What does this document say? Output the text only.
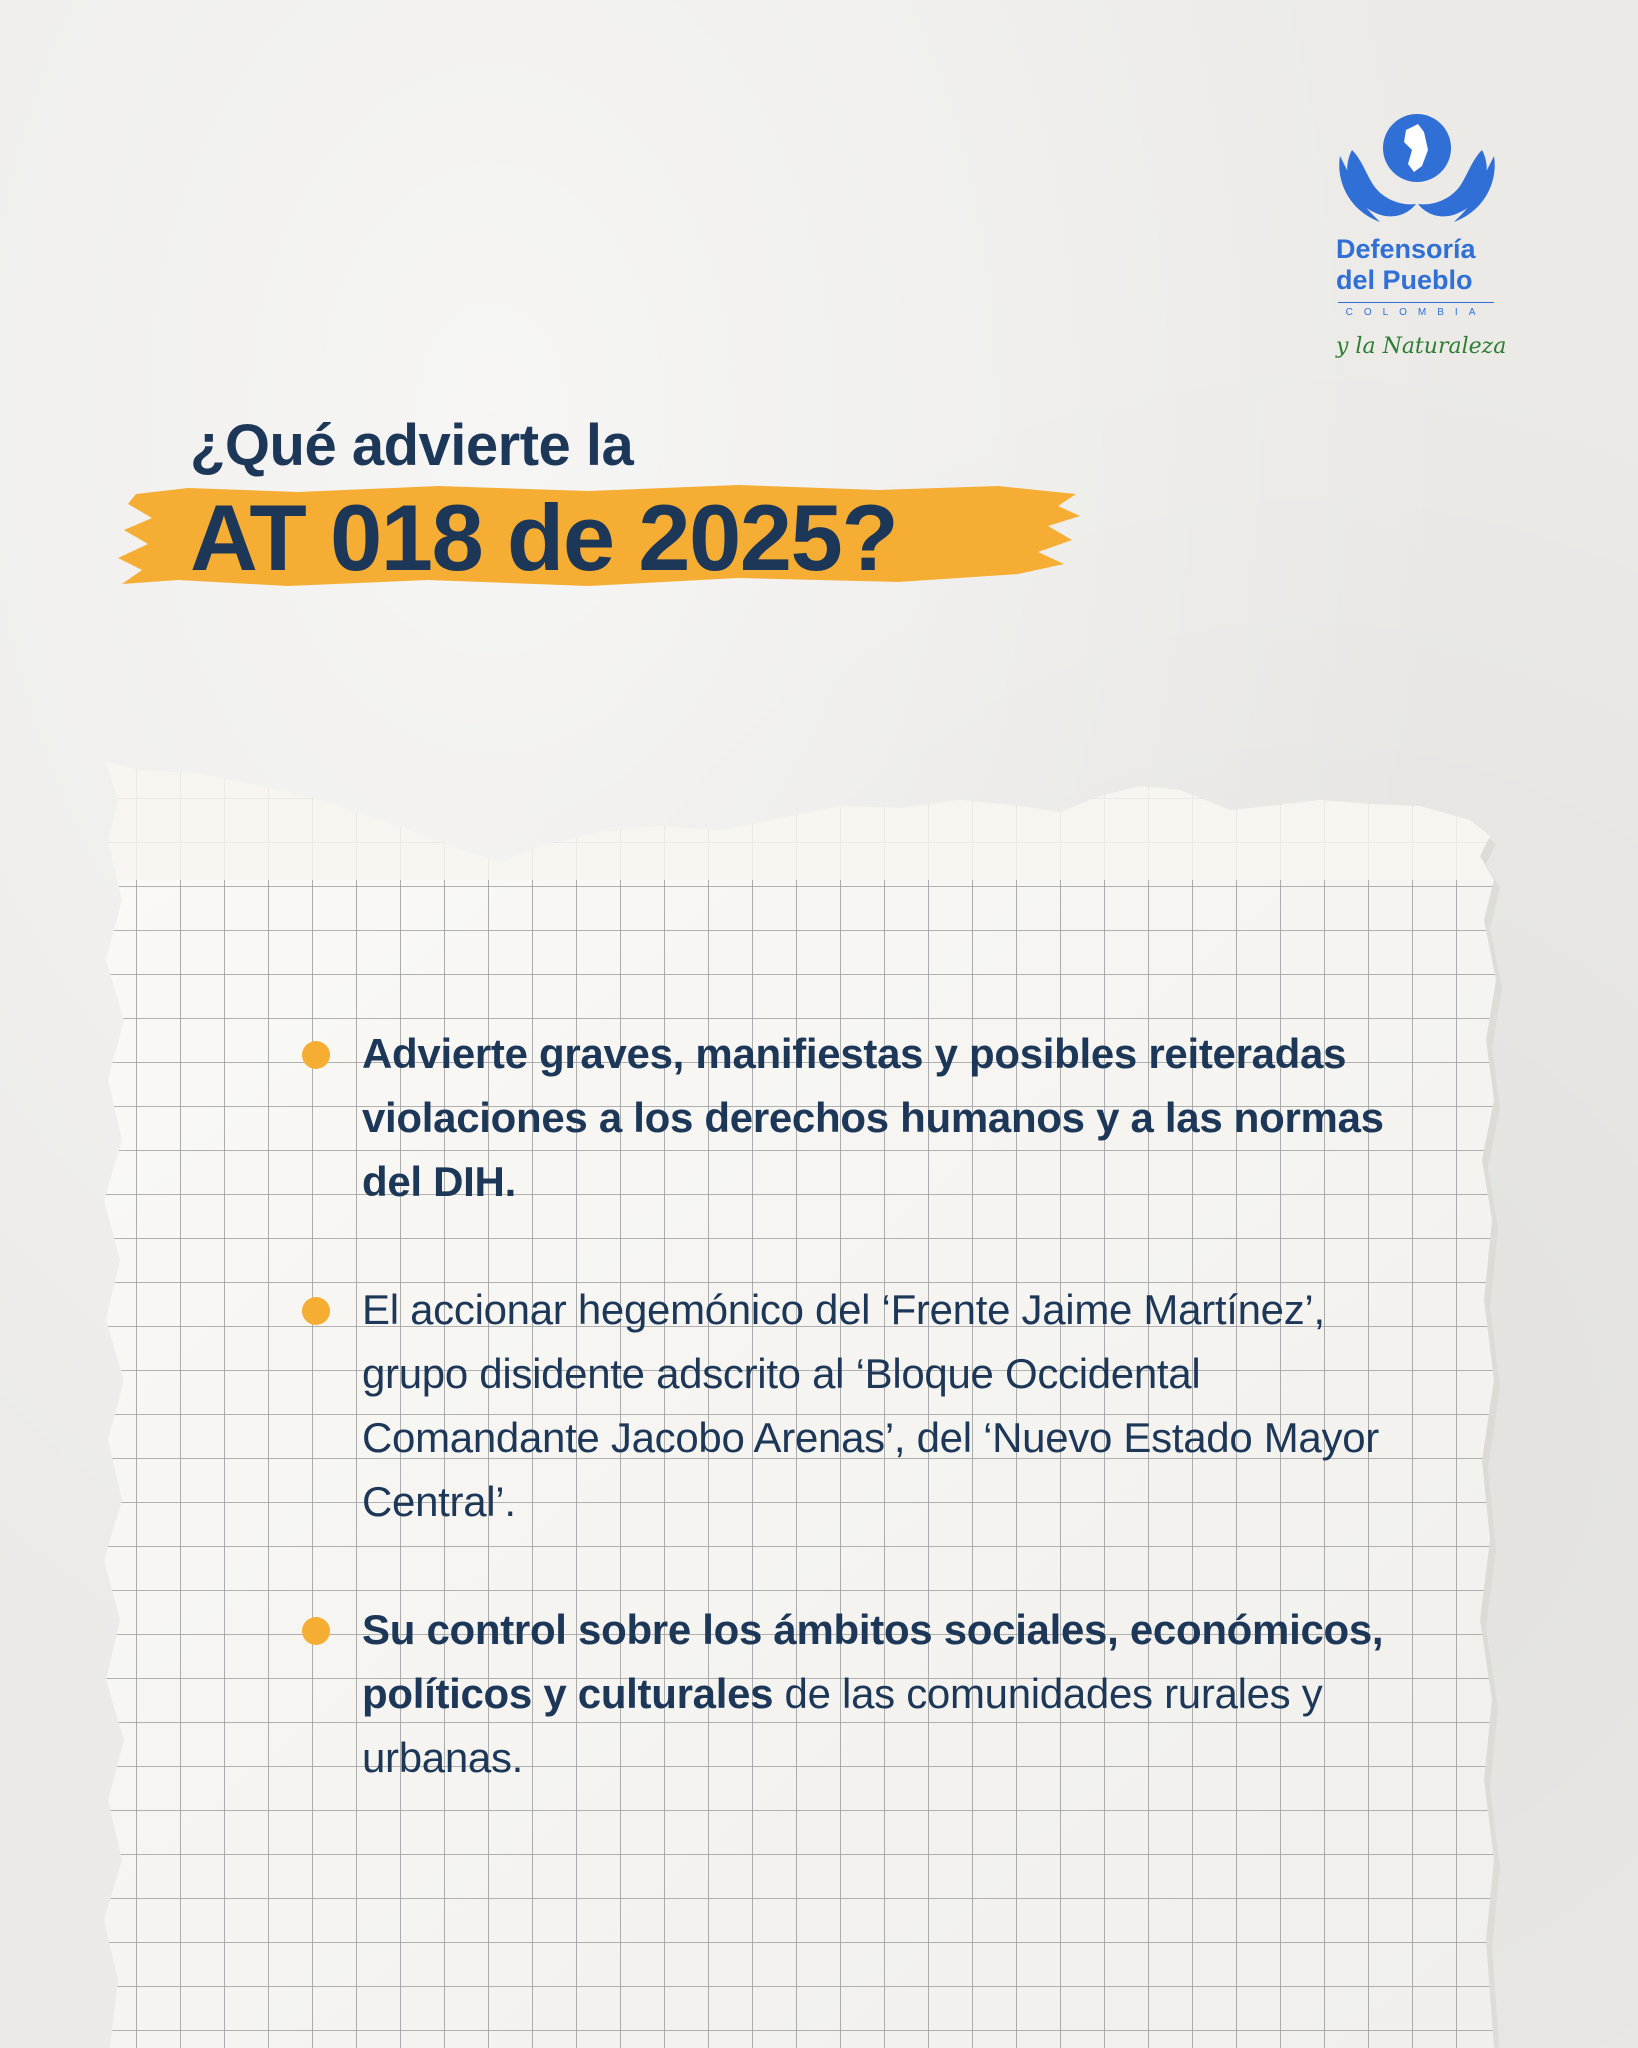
Defensoría
del Pueblo
COLOMBIA
y la Naturaleza
¿Qué advierte la
AT 018 de 2025?
Advierte graves, manifiestas y posibles reiteradas violaciones a los derechos humanos y a las normas del DIH.
El accionar hegemónico del ‘Frente Jaime Martínez’, grupo disidente adscrito al ‘Bloque Occidental Comandante Jacobo Arenas’, del ‘Nuevo Estado Mayor Central’.
Su control sobre los ámbitos sociales, económicos, políticos y culturales de las comunidades rurales y urbanas.
